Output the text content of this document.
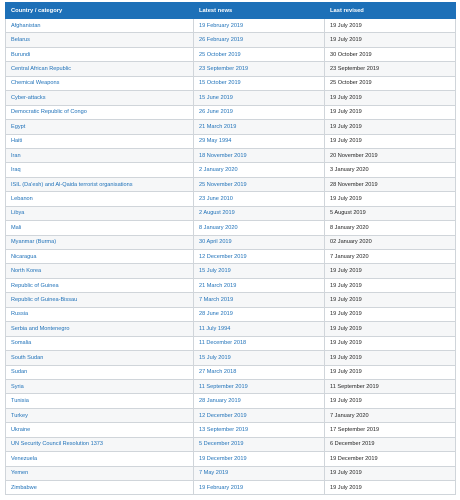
Country / category	Latest news	Last revised
Afghanistan	19 February 2019	19 July 2019
Belarus	26 February 2019	19 July 2019
Burundi	25 October 2019	30 October 2019
Central African Republic	23 September 2019	23 September 2019
Chemical Weapons	15 October 2019	25 October 2019
Cyber-attacks	15 June 2019	19 July 2019
Democratic Republic of Congo	26 June 2019	19 July 2019
Egypt	21 March 2019	19 July 2019
Haiti	29 May 1994	19 July 2019
Iran	18 November 2019	20 November 2019
Iraq	2 January 2020	3 January 2020
ISIL (Da'esh) and Al-Qaida terrorist organisations	25 November 2019	28 November 2019
Lebanon	23 June 2010	19 July 2019
Libya	2 August 2019	5 August 2019
Mali	8 January 2020	8 January 2020
Myanmar (Burma)	30 April 2019	02 January 2020
Nicaragua	12 December 2019	7 January 2020
North Korea	15 July 2019	19 July 2019
Republic of Guinea	21 March 2019	19 July 2019
Republic of Guinea-Bissau	7 March 2019	19 July 2019
Russia	28 June 2019	19 July 2019
Serbia and Montenegro	11 July 1994	19 July 2019
Somalia	11 December 2018	19 July 2019
South Sudan	15 July 2019	19 July 2019
Sudan	27 March 2018	19 July 2019
Syria	11 September 2019	11 September 2019
Tunisia	28 January 2019	19 July 2019
Turkey	12 December 2019	7 January 2020
Ukraine	13 September 2019	17 September 2019
UN Security Council Resolution 1373	5 December 2019	6 December 2019
Venezuela	19 December 2019	19 December 2019
Yemen	7 May 2019	19 July 2019
Zimbabwe	19 February 2019	19 July 2019
